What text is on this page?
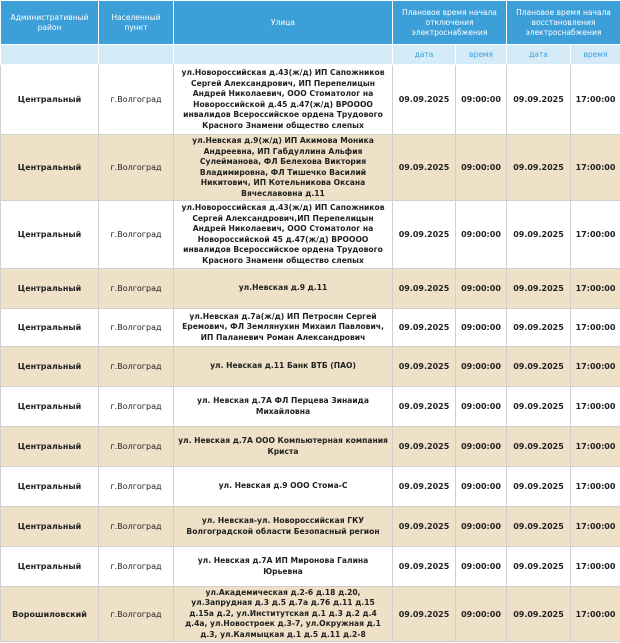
Административный район	Населенный пункт	Улица	Плановое время начала отключения электроснабжения		Плановое время начала восстановления электроснабжения	
			дата	время	дата	время
Центральный	г.Волгоград	ул.Новороссийская д.43(ж/д) ИП Сапожников Сергей Александрович, ИП Перепелицын Андрей Николаевич, ООО Стоматолог на Новороссийской д.45 д.47(ж/д) ВРОООО инвалидов Всероссийское ордена Трудового Красного Знамени общество слепых	09.09.2025	09:00:00	09.09.2025	17:00:00
Центральный	г.Волгоград	ул.Невская д.9(ж/д) ИП Акимова Моника Андреевна, ИП Габдуллина Альфия Сулейманова, ФЛ Белехова Виктория Владимировна, ФЛ Тишечко Василий Никитович, ИП Котельникова Оксана Вячеславовна д.11	09.09.2025	09:00:00	09.09.2025	17:00:00
Центральный	г.Волгоград	ул.Новороссийская д.43(ж/д) ИП Сапожников Сергей Александрович,ИП Перепелицын Андрей Николаевич, ООО Стоматолог на Новороссийской 45 д.47(ж/д) ВРОООО инвалидов Всероссийское ордена Трудового Красного Знамени общество слепых	09.09.2025	09:00:00	09.09.2025	17:00:00
Центральный	г.Волгоград	ул.Невская д.9 д.11	09.09.2025	09:00:00	09.09.2025	17:00:00
Центральный	г.Волгоград	ул.Невская д.7а(ж/д) ИП Петросян Сергей Еремович, ФЛ Землянухин Михаил Павлович, ИП Паланевич Роман Александрович	09.09.2025	09:00:00	09.09.2025	17:00:00
Центральный	г.Волгоград	ул. Невская д.11 Банк ВТБ (ПАО)	09.09.2025	09:00:00	09.09.2025	17:00:00
Центральный	г.Волгоград	ул. Невская д.7А ФЛ Перцева Зинаида Михайловна	09.09.2025	09:00:00	09.09.2025	17:00:00
Центральный	г.Волгоград	ул. Невская д.7А ООО Компьютерная компания Криста	09.09.2025	09:00:00	09.09.2025	17:00:00
Центральный	г.Волгоград	ул. Невская д.9 ООО Стома-С	09.09.2025	09:00:00	09.09.2025	17:00:00
Центральный	г.Волгоград	ул. Невская-ул. Новороссийская ГКУ Волгоградской области Безопасный регион	09.09.2025	09:00:00	09.09.2025	17:00:00
Центральный	г.Волгоград	ул. Невская д.7А ИП Миронова Галина Юрьевна	09.09.2025	09:00:00	09.09.2025	17:00:00
Ворошиловский	г.Волгоград	ул.Академическая д.2-6 д.18 д.20, ул.Запрудная д.3 д.5 д.7а д.76 д.11 д.15 д.15а д.2, ул.Институтская д.1 д.3 д.2 д.4 д.4а, ул.Новостроек д.3-7, ул.Окружная д.1 д.3, ул.Калмыцкая д.1 д.5 д.11 д.2-8	09.09.2025	09:00:00	09.09.2025	17:00:00
